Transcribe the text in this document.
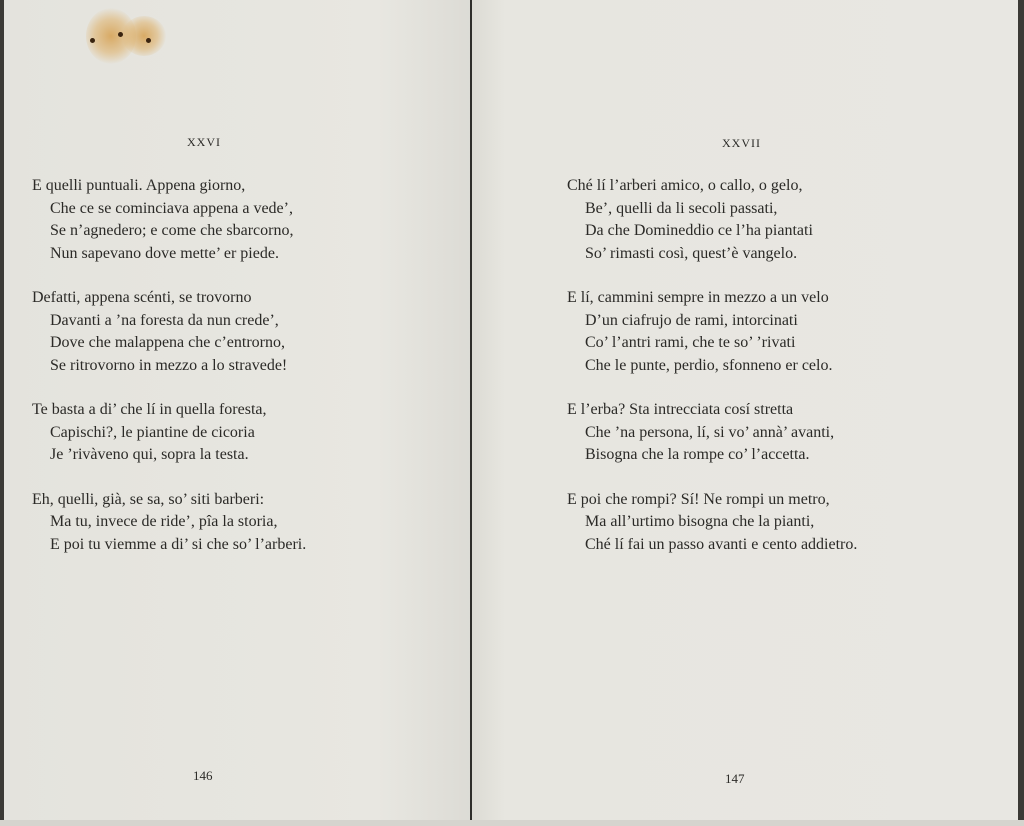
XXVI
E quelli puntuali. Appena giorno,
Che ce se cominciava appena a vede’,
Se n’agnedero; e come che sbarcorno,
Nun sapevano dove mette’ er piede.
Defatti, appena scénti, se trovorno
Davanti a ’na foresta da nun crede’,
Dove che malappena che c’entrorno,
Se ritrovorno in mezzo a lo stravede!
Te basta a di’ che lí in quella foresta,
Capischi?, le piantine de cicoria
Je ’rivàveno qui, sopra la testa.
Eh, quelli, già, se sa, so’ siti barberi:
Ma tu, invece de ride’, pîa la storia,
E poi tu viemme a di’ si che so’ l’arberi.
146
XXVII
Ché lí l’arberi amico, o callo, o gelo,
Be’, quelli da li secoli passati,
Da che Domineddio ce l’ha piantati
So’ rimasti così, quest’è vangelo.
E lí, cammini sempre in mezzo a un velo
D’un ciafrujo de rami, intorcinati
Co’ l’antri rami, che te so’ ’rivati
Che le punte, perdio, sfonneno er celo.
E l’erba? Sta intrecciata cosí stretta
Che ’na persona, lí, si vo’ annà’ avanti,
Bisogna che la rompe co’ l’accetta.
E poi che rompi? Sí! Ne rompi un metro,
Ma all’urtimo bisogna che la pianti,
Ché lí fai un passo avanti e cento addietro.
147
